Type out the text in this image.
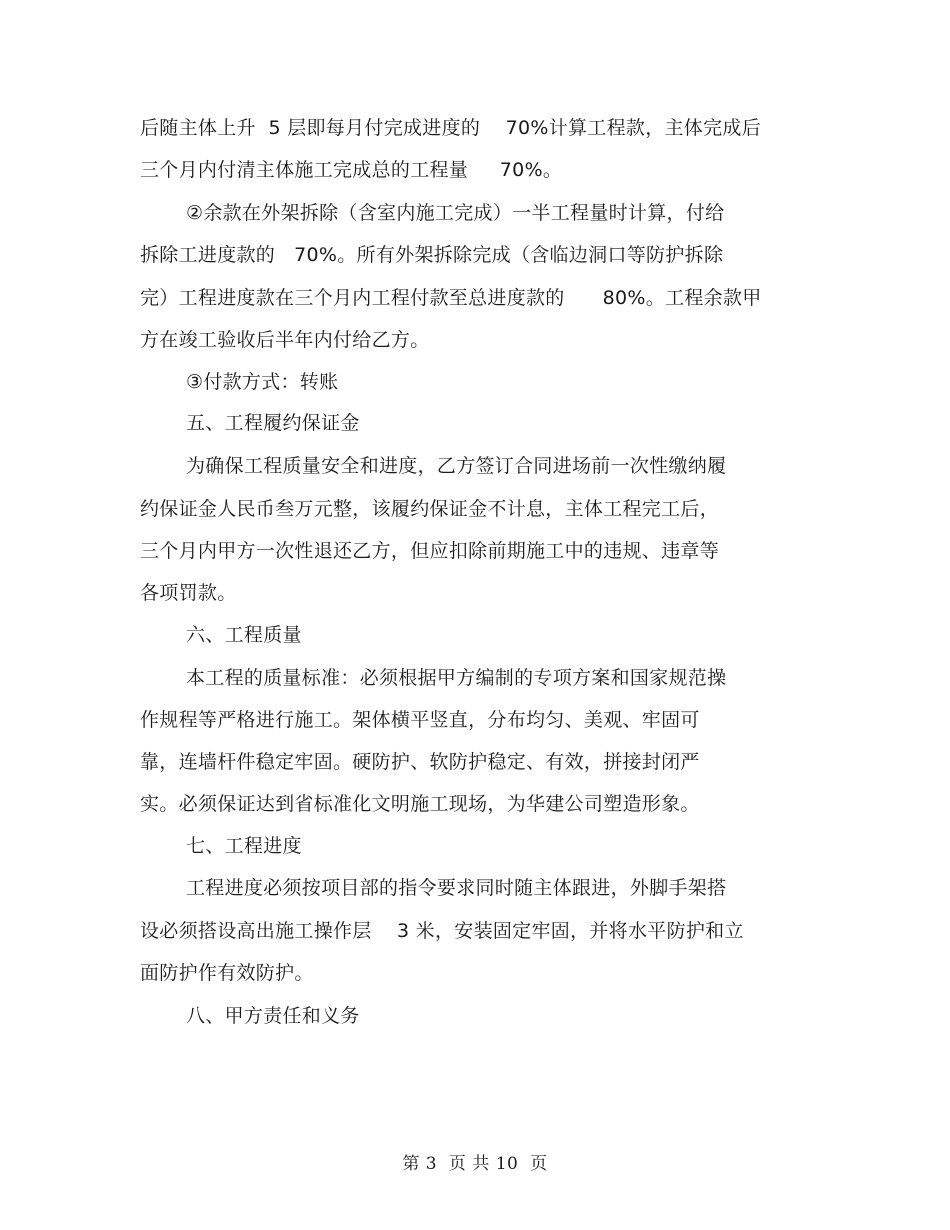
后随主体上升  5 层即每月付完成进度的    70%计算工程款，主体完成后
三个月内付清主体施工完成总的工程量     70%。
②余款在外架拆除（含室内施工完成）一半工程量时计算，付给
拆除工进度款的   70%。所有外架拆除完成（含临边洞口等防护拆除
完）工程进度款在三个月内工程付款至总进度款的      80%。工程余款甲
方在竣工验收后半年内付给乙方。
③付款方式：转账
五、工程履约保证金
为确保工程质量安全和进度，乙方签订合同进场前一次性缴纳履
约保证金人民币叁万元整，该履约保证金不计息，主体工程完工后，
三个月内甲方一次性退还乙方，但应扣除前期施工中的违规、违章等
各项罚款。
六、工程质量
本工程的质量标准：必须根据甲方编制的专项方案和国家规范操
作规程等严格进行施工。架体横平竖直，分布均匀、美观、牢固可
靠，连墙杆件稳定牢固。硬防护、软防护稳定、有效，拼接封闭严
实。必须保证达到省标准化文明施工现场，为华建公司塑造形象。
七、工程进度
工程进度必须按项目部的指令要求同时随主体跟进，外脚手架搭
设必须搭设高出施工操作层    3 米，安装固定牢固，并将水平防护和立
面防护作有效防护。
八、甲方责任和义务
第 3  页 共 10  页
